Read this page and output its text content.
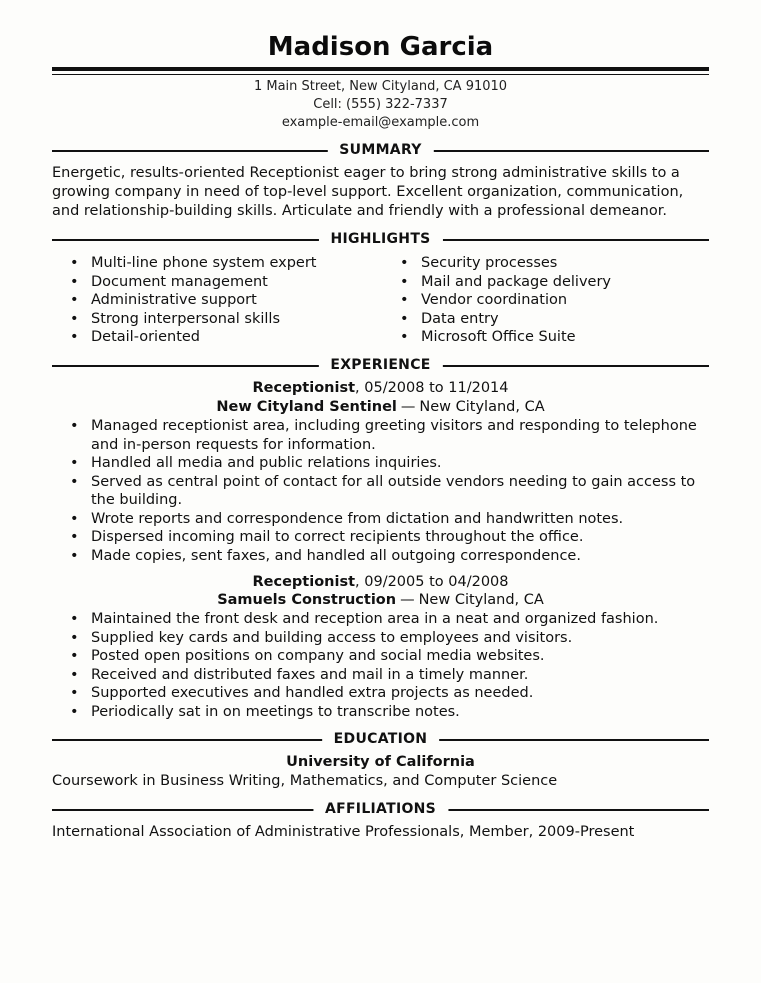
Madison Garcia
1 Main Street, New Cityland, CA 91010
Cell: (555) 322-7337
example-email@example.com
SUMMARY
Energetic, results-oriented Receptionist eager to bring strong administrative skills to a growing company in need of top-level support. Excellent organization, communication, and relationship-building skills. Articulate and friendly with a professional demeanor.
HIGHLIGHTS
• Multi-line phone system expert
• Document management
• Administrative support
• Strong interpersonal skills
• Detail-oriented
• Security processes
• Mail and package delivery
• Vendor coordination
• Data entry
• Microsoft Office Suite
EXPERIENCE
Receptionist, 05/2008 to 11/2014
New Cityland Sentinel — New Cityland, CA
• Managed receptionist area, including greeting visitors and responding to telephone and in-person requests for information.
• Handled all media and public relations inquiries.
• Served as central point of contact for all outside vendors needing to gain access to the building.
• Wrote reports and correspondence from dictation and handwritten notes.
• Dispersed incoming mail to correct recipients throughout the office.
• Made copies, sent faxes, and handled all outgoing correspondence.
Receptionist, 09/2005 to 04/2008
Samuels Construction — New Cityland, CA
• Maintained the front desk and reception area in a neat and organized fashion.
• Supplied key cards and building access to employees and visitors.
• Posted open positions on company and social media websites.
• Received and distributed faxes and mail in a timely manner.
• Supported executives and handled extra projects as needed.
• Periodically sat in on meetings to transcribe notes.
EDUCATION
University of California
Coursework in Business Writing, Mathematics, and Computer Science
AFFILIATIONS
International Association of Administrative Professionals, Member, 2009-Present
